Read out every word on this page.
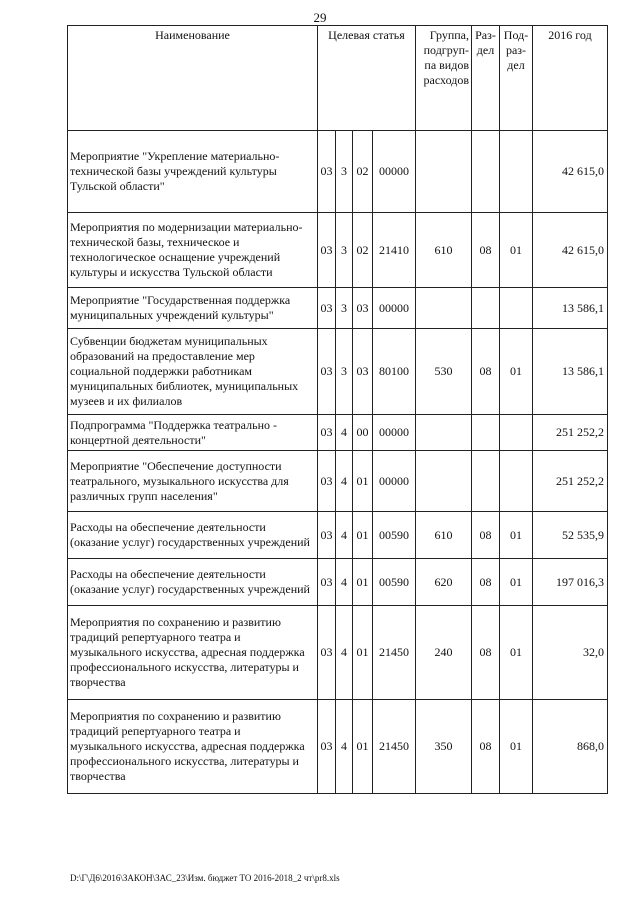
29
Наименование	Целевая статья				Группа, подгруп-па видов расходов	Раз-дел	Под-раз-дел	2016 год
Мероприятие "Укрепление материально-технической базы учреждений культуры Тульской области"	03	3	02	00000				42 615,0
Мероприятия по модернизации материально-технической базы, техническое и технологическое оснащение учреждений культуры и искусства Тульской области	03	3	02	21410	610	08	01	42 615,0
Мероприятие "Государственная поддержка муниципальных учреждений культуры"	03	3	03	00000				13 586,1
Субвенции бюджетам муниципальных образований на предоставление мер социальной поддержки работникам муниципальных библиотек, муниципальных музеев и их филиалов	03	3	03	80100	530	08	01	13 586,1
Подпрограмма "Поддержка театрально - концертной деятельности"	03	4	00	00000				251 252,2
Мероприятие "Обеспечение доступности театрального, музыкального искусства для различных групп населения"	03	4	01	00000				251 252,2
Расходы на обеспечение деятельности (оказание услуг) государственных учреждений	03	4	01	00590	610	08	01	52 535,9
Расходы на обеспечение деятельности (оказание услуг) государственных учреждений	03	4	01	00590	620	08	01	197 016,3
Мероприятия по сохранению и развитию традиций репертуарного театра и музыкального искусства, адресная поддержка профессионального искусства, литературы и творчества	03	4	01	21450	240	08	01	32,0
Мероприятия по сохранению и развитию традиций репертуарного театра и музыкального искусства, адресная поддержка профессионального искусства, литературы и творчества	03	4	01	21450	350	08	01	868,0
D:\Г\Д6\2016\ЗАКОН\ЗАС_23\Изм. бюджет ТО 2016-2018_2 чт\pr8.xls
